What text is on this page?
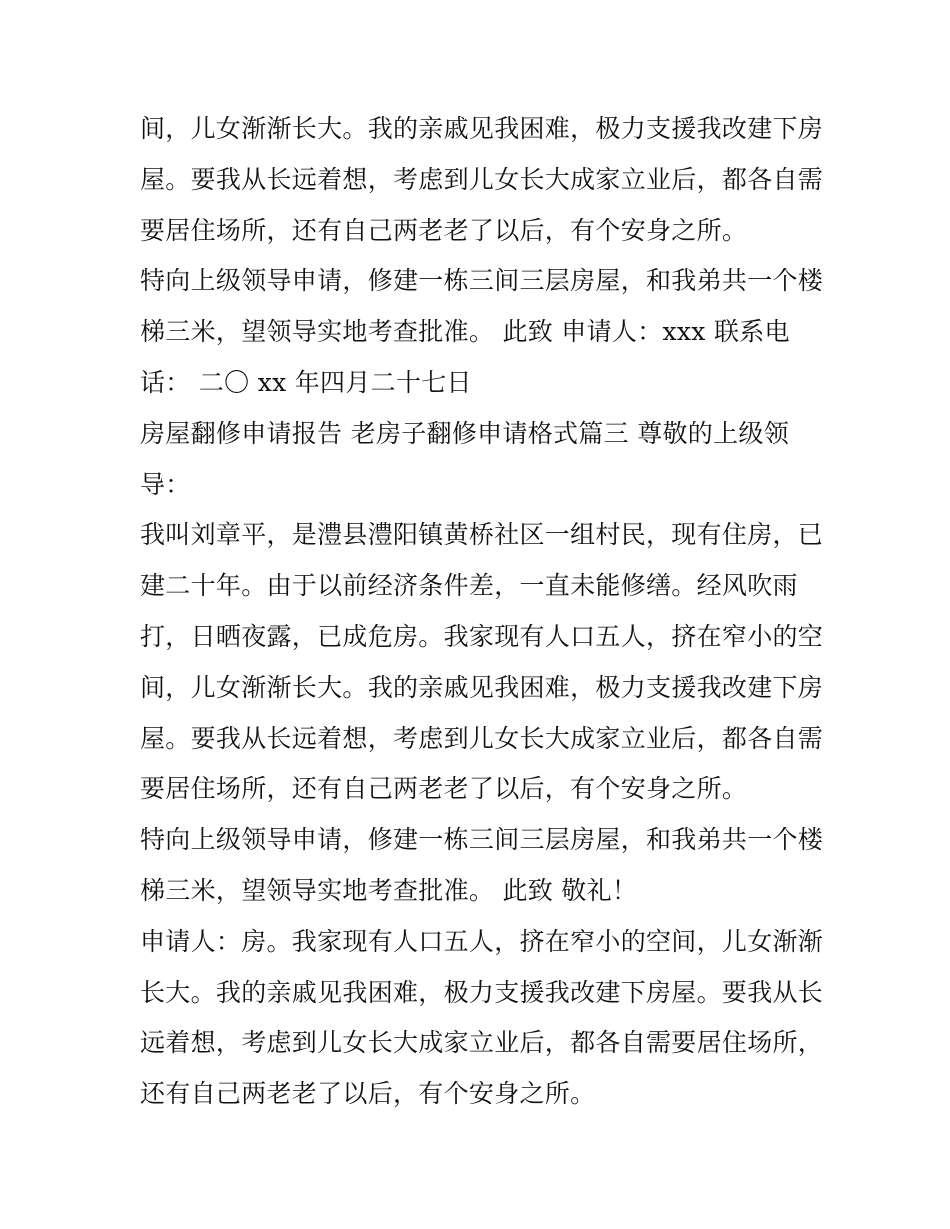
间，儿女渐渐长大。我的亲戚见我困难，极力支援我改建下房
屋。要我从长远着想，考虑到儿女长大成家立业后，都各自需
要居住场所，还有自己两老老了以后，有个安身之所。
特向上级领导申请，修建一栋三间三层房屋，和我弟共一个楼
梯三米，望领导实地考查批准。 此致 申请人：xxx 联系电
话： 二〇 xx 年四月二十七日
房屋翻修申请报告 老房子翻修申请格式篇三 尊敬的上级领
导：
我叫刘章平，是澧县澧阳镇黄桥社区一组村民，现有住房，已
建二十年。由于以前经济条件差，一直未能修缮。经风吹雨
打，日晒夜露，已成危房。我家现有人口五人，挤在窄小的空
间，儿女渐渐长大。我的亲戚见我困难，极力支援我改建下房
屋。要我从长远着想，考虑到儿女长大成家立业后，都各自需
要居住场所，还有自己两老老了以后，有个安身之所。
特向上级领导申请，修建一栋三间三层房屋，和我弟共一个楼
梯三米，望领导实地考查批准。 此致 敬礼！
申请人：房。我家现有人口五人，挤在窄小的空间，儿女渐渐
长大。我的亲戚见我困难，极力支援我改建下房屋。要我从长
远着想，考虑到儿女长大成家立业后，都各自需要居住场所，
还有自己两老老了以后，有个安身之所。
